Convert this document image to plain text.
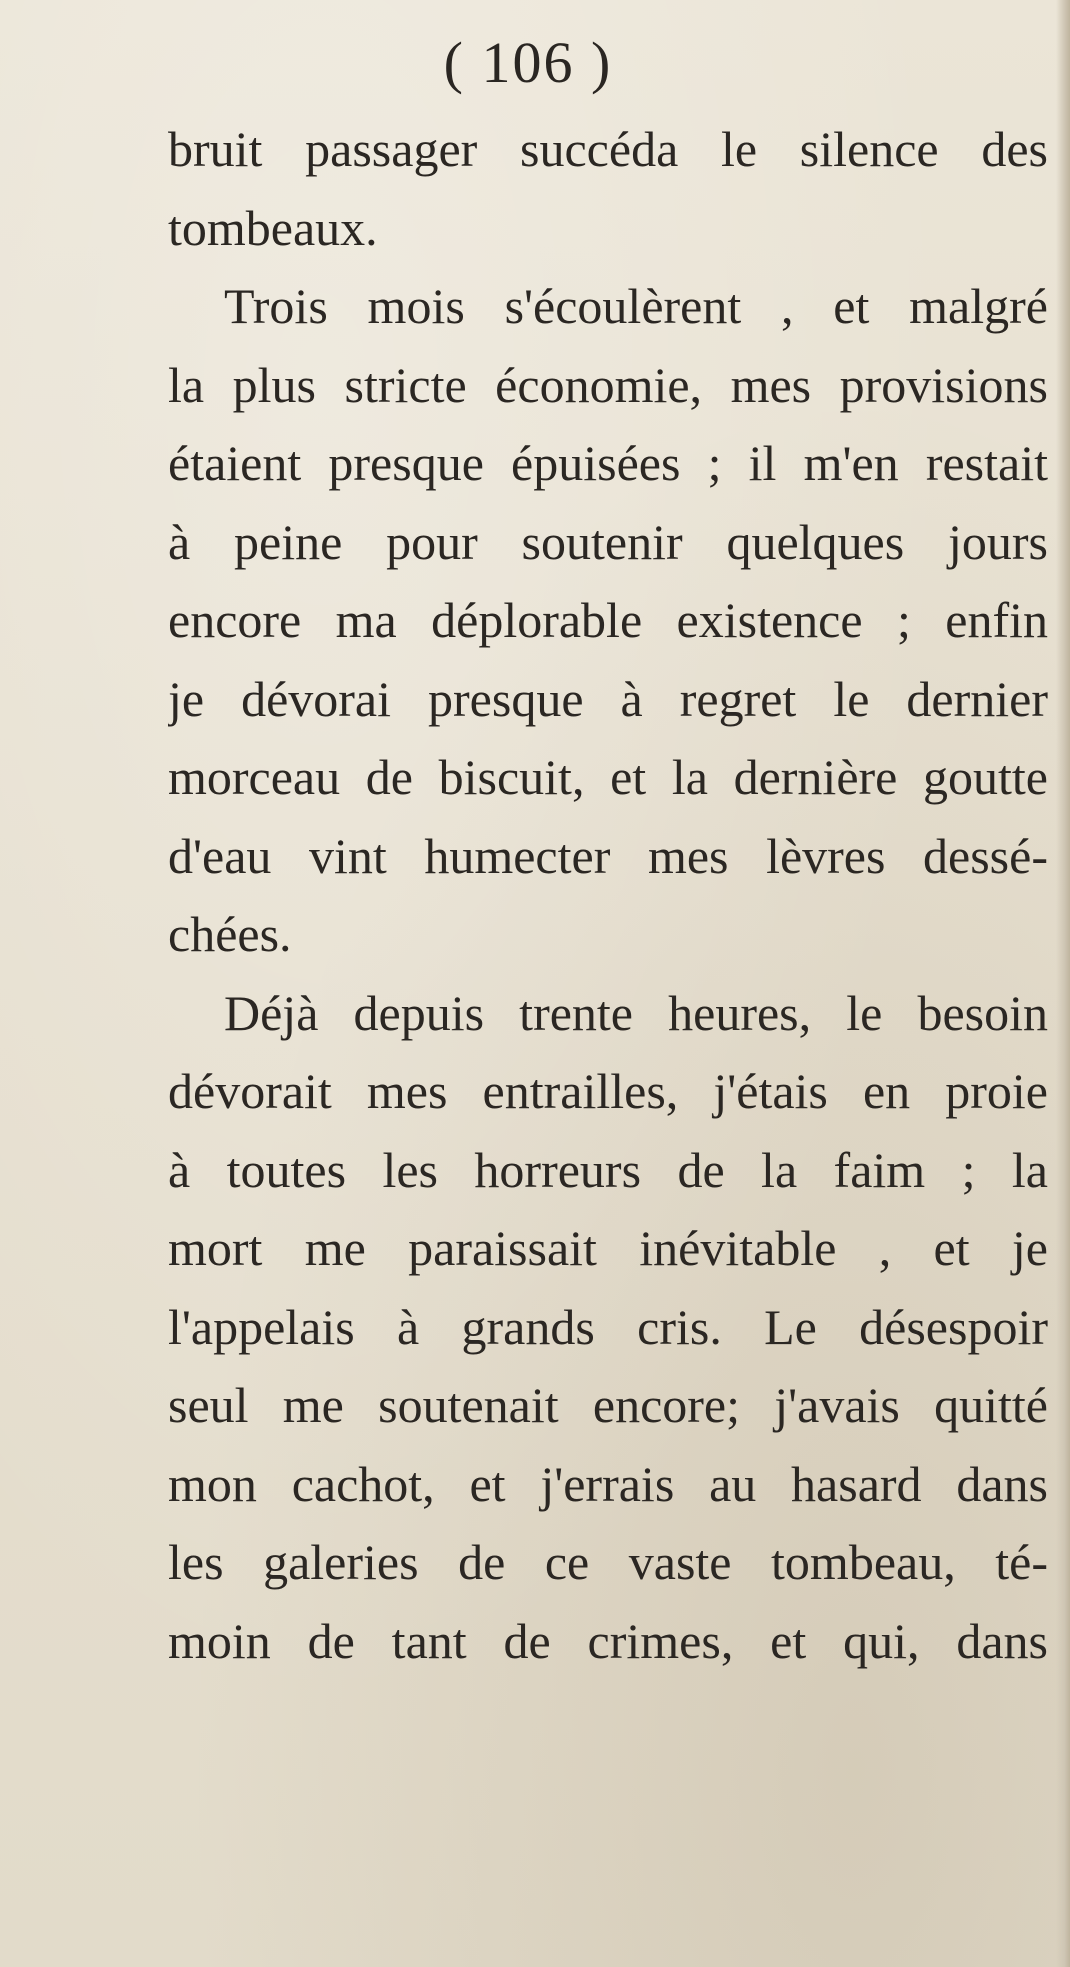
( 106 )
bruit passager succéda le silence des
tombeaux.
Trois mois s'écoulèrent , et malgré
la plus stricte économie, mes provisions
étaient presque épuisées ; il m'en restait
à peine pour soutenir quelques jours
encore ma déplorable existence ; enfin
je dévorai presque à regret le dernier
morceau de biscuit, et la dernière goutte
d'eau vint humecter mes lèvres dessé-
chées.
Déjà depuis trente heures, le besoin
dévorait mes entrailles, j'étais en proie
à toutes les horreurs de la faim ; la
mort me paraissait inévitable , et je
l'appelais à grands cris. Le désespoir
seul me soutenait encore; j'avais quitté
mon cachot, et j'errais au hasard dans
les galeries de ce vaste tombeau, té-
moin de tant de crimes, et qui, dans
